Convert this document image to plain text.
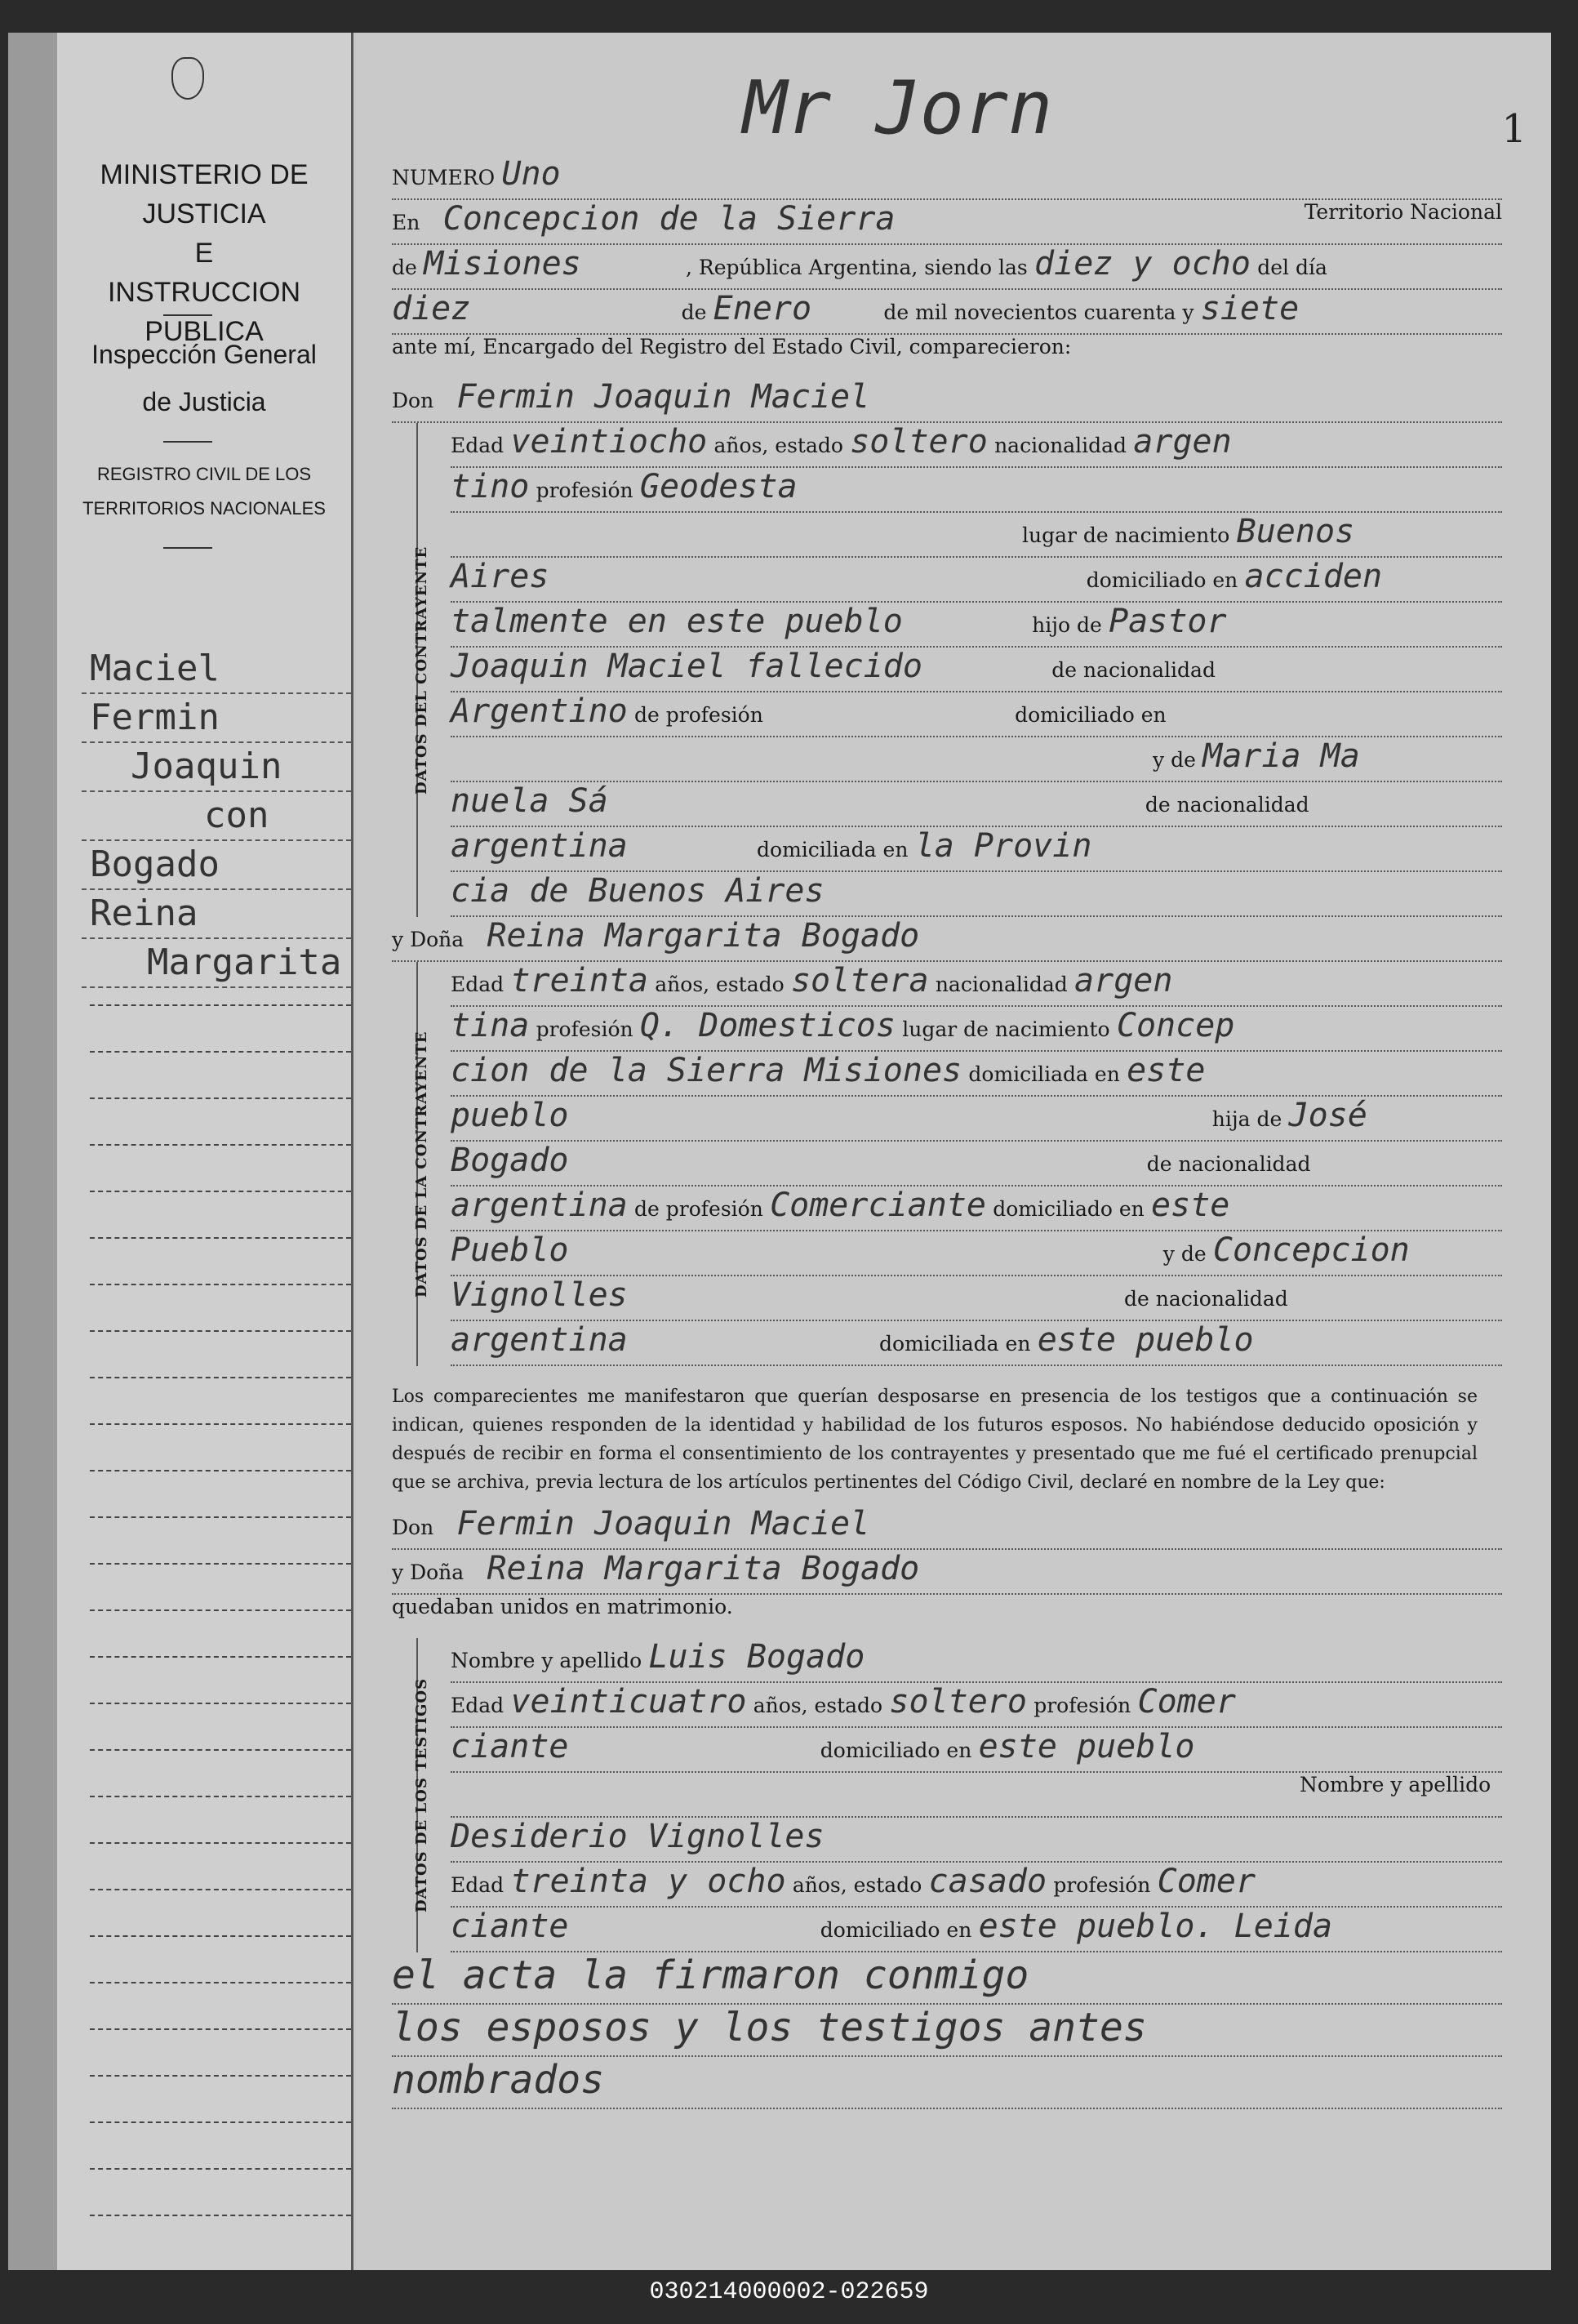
MINISTERIO DE JUSTICIA
E
INSTRUCCION PUBLICA
Inspección General
de Justicia
REGISTRO CIVIL DE LOS
TERRITORIOS NACIONALES
Maciel
Fermin
Joaquin
con
Bogado
Reina
Margarita
Mr Jorn	1
NUMERO Uno
En Concepcion de la Sierra	Territorio Nacional
de Misiones	, República Argentina, siendo las diez y ocho del día
diez	de Enero	de mil novecientos cuarenta y siete
ante mí, Encargado del Registro del Estado Civil, comparecieron:
Don Fermin Joaquin Maciel
DATOS DEL CONTRAYENTE
Edad veintiocho años, estado soltero nacionalidad argen
tino profesión Geodesta
lugar de nacimiento Buenos
Aires	domiciliado en acciden
talmente en este pueblo	hijo de Pastor
Joaquin Maciel fallecido	de nacionalidad
Argentino de profesión	domiciliado en
y de Maria Ma
nuela Sá	de nacionalidad
argentina	domiciliada en la Provin
cia de Buenos Aires
y Doña Reina Margarita Bogado
DATOS DE LA CONTRAYENTE
Edad treinta años, estado soltera nacionalidad argen
tina profesión Q. Domesticos lugar de nacimiento Concep
cion de la Sierra Misiones domiciliada en este
pueblo	hija de José
Bogado	de nacionalidad
argentina de profesión Comerciante domiciliado en este
Pueblo	y de Concepcion
Vignolles	de nacionalidad
argentina	domiciliada en este pueblo
Los comparecientes me manifestaron que querían desposarse en presencia de los testigos que a continuación se indican, quienes responden de la identidad y habilidad de los futuros esposos. No habiéndose deducido oposición y después de recibir en forma el consentimiento de los contrayentes y presentado que me fué el certificado prenupcial que se archiva, previa lectura de los artículos pertinentes del Código Civil, declaré en nombre de la Ley que:
Don Fermin Joaquin Maciel
y Doña Reina Margarita Bogado
quedaban unidos en matrimonio.
DATOS DE LOS TESTIGOS
Nombre y apellido Luis Bogado
Edad veinticuatro años, estado soltero profesión Comer
ciante	domiciliado en este pueblo
Nombre y apellido
Desiderio Vignolles
Edad treinta y ocho años, estado casado profesión Comer
ciante	domiciliado en este pueblo. Leida
el acta la firmaron conmigo
los esposos y los testigos antes
nombrados
030214000002-022659
